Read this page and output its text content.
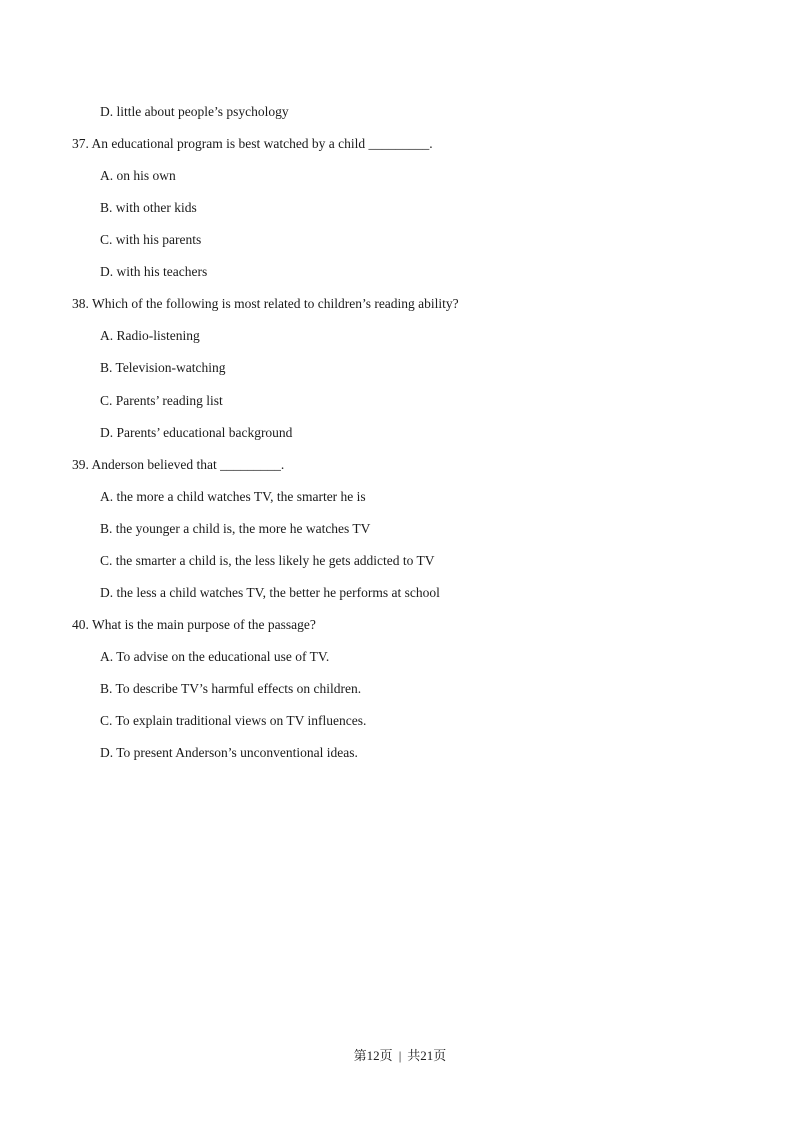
D. little about people’s psychology
37. An educational program is best watched by a child _________.
A. on his own
B. with other kids
C. with his parents
D. with his teachers
38. Which of the following is most related to children’s reading ability?
A. Radio-listening
B. Television-watching
C. Parents’ reading list
D. Parents’ educational background
39. Anderson believed that _________.
A. the more a child watches TV, the smarter he is
B. the younger a child is, the more he watches TV
C. the smarter a child is, the less likely he gets addicted to TV
D. the less a child watches TV, the better he performs at school
40. What is the main purpose of the passage?
A. To advise on the educational use of TV.
B. To describe TV’s harmful effects on children.
C. To explain traditional views on TV influences.
D. To present Anderson’s unconventional ideas.
第12页 | 共21页
